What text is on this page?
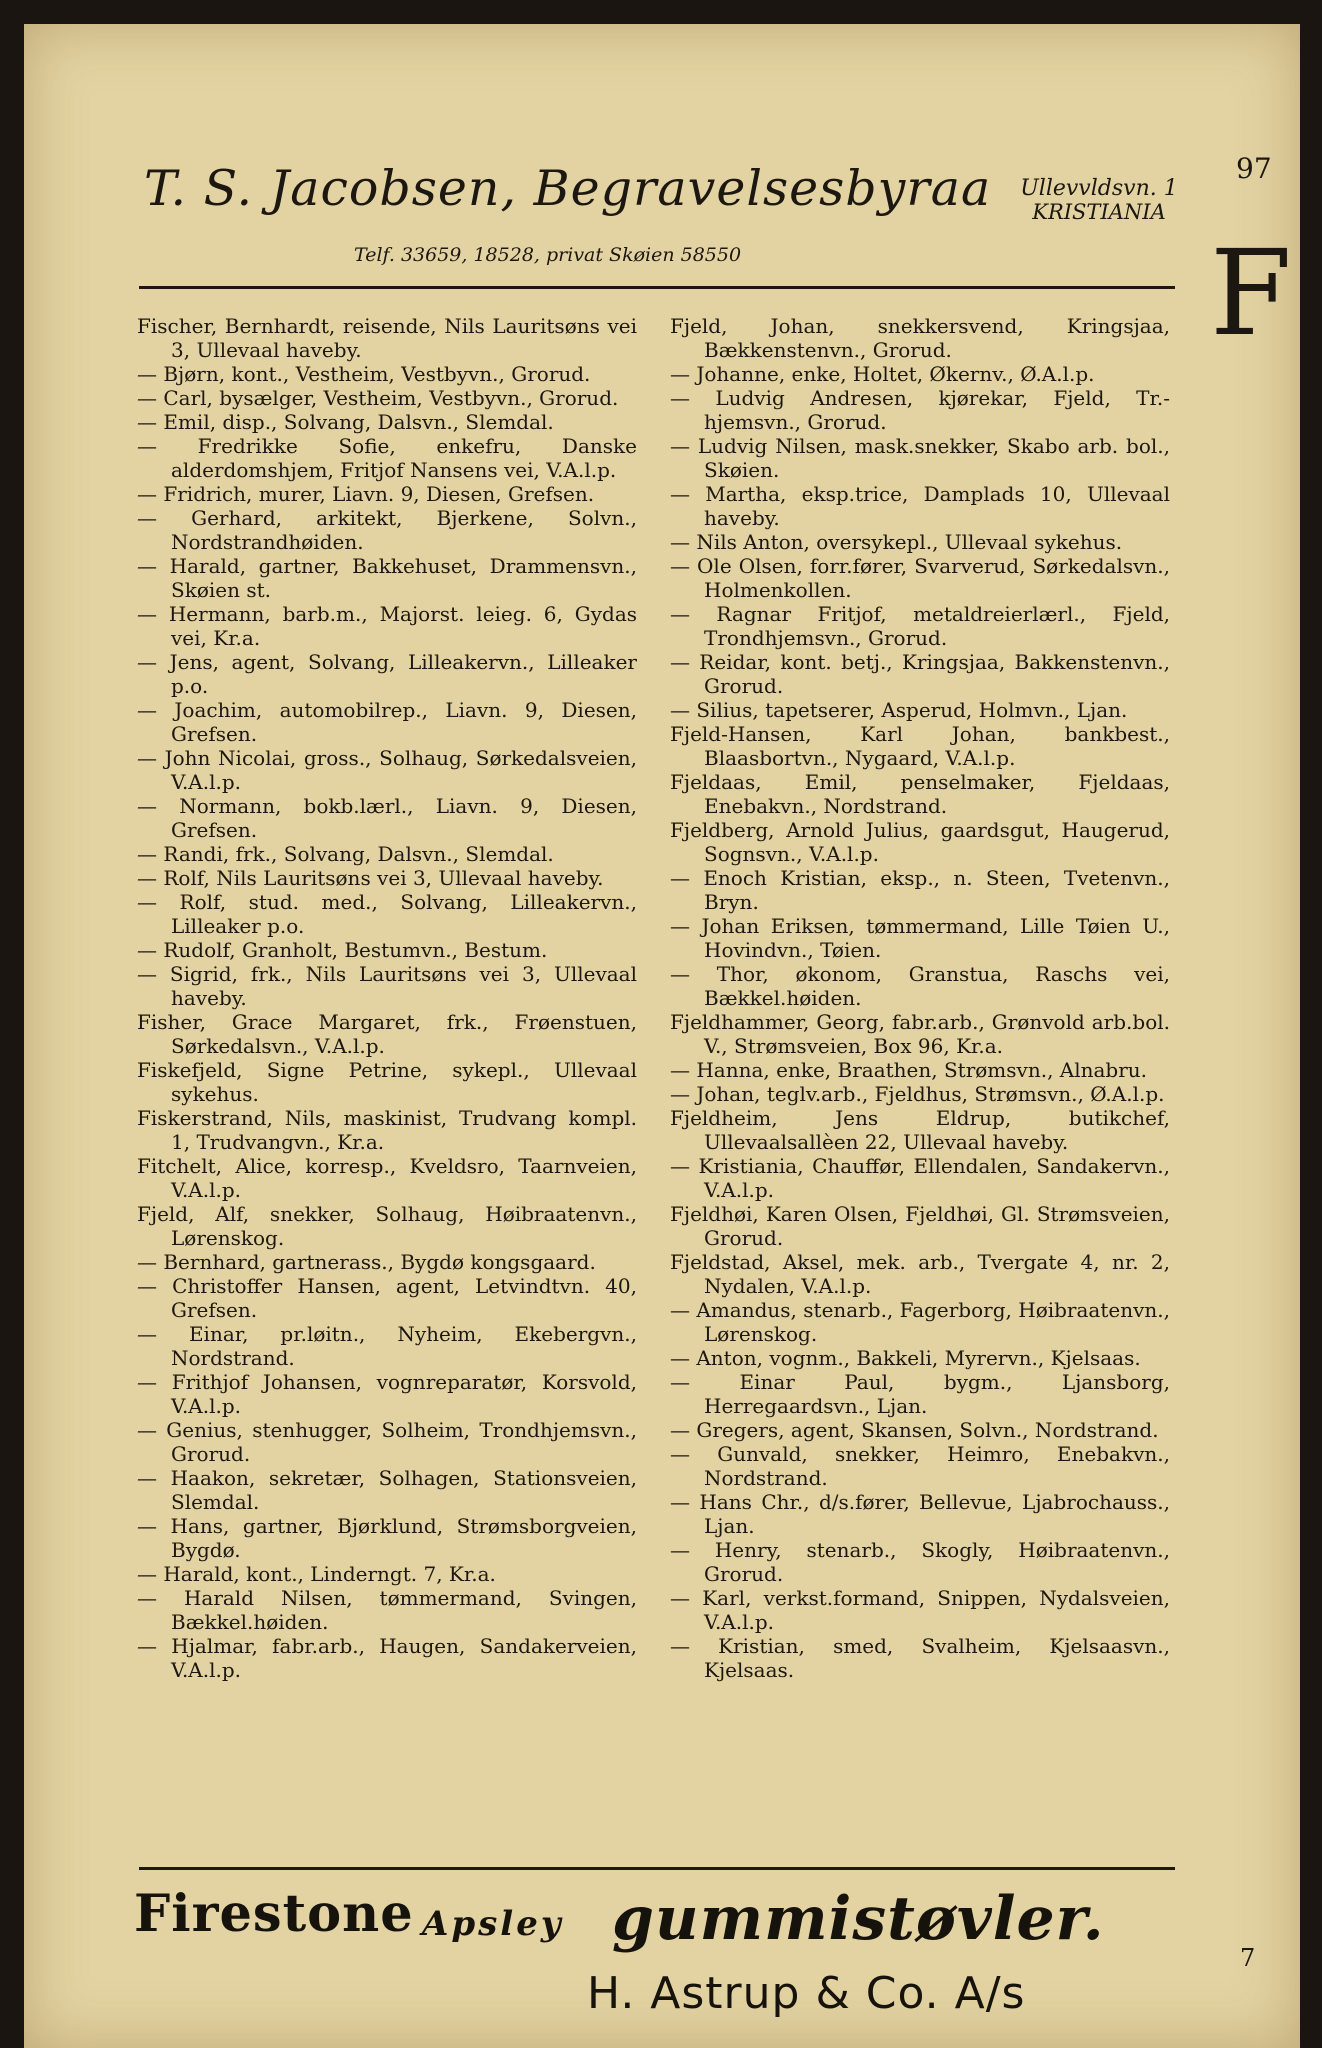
T. S. Jacobsen, Begravelsesbyraa Ullevvldsvn. 1
KRISTIANIA
Telf. 33659, 18528, privat Skøien 58550
97
F

Fischer, Bernhardt, reisende, Nils Lauritsøns vei 3, Ullevaal haveby.

— Bjørn, kont., Vestheim, Vestbyvn., Grorud.

— Carl, bysælger, Vestheim, Vestbyvn., Grorud.

— Emil, disp., Solvang, Dalsvn., Slemdal.

— Fredrikke Sofie, enkefru, Danske alderdomshjem, Fritjof Nansens vei, V.A.l.p.

— Fridrich, murer, Liavn. 9, Diesen, Grefsen.

— Gerhard, arkitekt, Bjerkene, Solvn., Nordstrandhøiden.

— Harald, gartner, Bakkehuset, Drammensvn., Skøien st.

— Hermann, barb.m., Majorst. leieg. 6, Gydas vei, Kr.a.

— Jens, agent, Solvang, Lilleakervn., Lilleaker p.o.

— Joachim, automobilrep., Liavn. 9, Diesen, Grefsen.

— John Nicolai, gross., Solhaug, Sørkedalsveien, V.A.l.p.

— Normann, bokb.lærl., Liavn. 9, Diesen, Grefsen.

— Randi, frk., Solvang, Dalsvn., Slemdal.

— Rolf, Nils Lauritsøns vei 3, Ullevaal haveby.

— Rolf, stud. med., Solvang, Lilleakervn., Lilleaker p.o.

— Rudolf, Granholt, Bestumvn., Bestum.

— Sigrid, frk., Nils Lauritsøns vei 3, Ullevaal haveby.

Fisher, Grace Margaret, frk., Frøenstuen, Sørkedalsvn., V.A.l.p.

Fiskefjeld, Signe Petrine, sykepl., Ullevaal sykehus.

Fiskerstrand, Nils, maskinist, Trudvang kompl. 1, Trudvangvn., Kr.a.

Fitchelt, Alice, korresp., Kveldsro, Taarnveien, V.A.l.p.

Fjeld, Alf, snekker, Solhaug, Høibraatenvn., Lørenskog.

— Bernhard, gartnerass., Bygdø kongsgaard.

— Christoffer Hansen, agent, Letvindtvn. 40, Grefsen.

— Einar, pr.løitn., Nyheim, Ekebergvn., Nordstrand.

— Frithjof Johansen, vognreparatør, Korsvold, V.A.l.p.

— Genius, stenhugger, Solheim, Trondhjemsvn., Grorud.

— Haakon, sekretær, Solhagen, Stationsveien, Slemdal.

— Hans, gartner, Bjørklund, Strømsborgveien, Bygdø.

— Harald, kont., Linderngt. 7, Kr.a.

— Harald Nilsen, tømmermand, Svingen, Bækkel.høiden.

— Hjalmar, fabr.arb., Haugen, Sandakerveien, V.A.l.p.

Fjeld, Johan, snekkersvend, Kringsjaa, Bækkenstenvn., Grorud.

— Johanne, enke, Holtet, Økernv., Ø.A.l.p.

— Ludvig Andresen, kjørekar, Fjeld, Tr.-hjemsvn., Grorud.

— Ludvig Nilsen, mask.snekker, Skabo arb. bol., Skøien.

— Martha, eksp.trice, Damplads 10, Ullevaal haveby.

— Nils Anton, oversykepl., Ullevaal sykehus.

— Ole Olsen, forr.fører, Svarverud, Sørkedalsvn., Holmenkollen.

— Ragnar Fritjof, metaldreierlærl., Fjeld, Trondhjemsvn., Grorud.

— Reidar, kont. betj., Kringsjaa, Bakkenstenvn., Grorud.

— Silius, tapetserer, Asperud, Holmvn., Ljan.

Fjeld-Hansen, Karl Johan, bankbest., Blaasbortvn., Nygaard, V.A.l.p.

Fjeldaas, Emil, penselmaker, Fjeldaas, Enebakvn., Nordstrand.

Fjeldberg, Arnold Julius, gaardsgut, Haugerud, Sognsvn., V.A.l.p.

— Enoch Kristian, eksp., n. Steen, Tvetenvn., Bryn.

— Johan Eriksen, tømmermand, Lille Tøien U., Hovindvn., Tøien.

— Thor, økonom, Granstua, Raschs vei, Bækkel.høiden.

Fjeldhammer, Georg, fabr.arb., Grønvold arb.bol. V., Strømsveien, Box 96, Kr.a.

— Hanna, enke, Braathen, Strømsvn., Alnabru.

— Johan, teglv.arb., Fjeldhus, Strømsvn., Ø.A.l.p.

Fjeldheim, Jens Eldrup, butikchef, Ullevaalsallèen 22, Ullevaal haveby.

— Kristiania, Chauffør, Ellendalen, Sandakervn., V.A.l.p.

Fjeldhøi, Karen Olsen, Fjeldhøi, Gl. Strømsveien, Grorud.

Fjeldstad, Aksel, mek. arb., Tvergate 4, nr. 2, Nydalen, V.A.l.p.

— Amandus, stenarb., Fagerborg, Høibraatenvn., Lørenskog.

— Anton, vognm., Bakkeli, Myrervn., Kjelsaas.

— Einar Paul, bygm., Ljansborg, Herregaardsvn., Ljan.

— Gregers, agent, Skansen, Solvn., Nordstrand.

— Gunvald, snekker, Heimro, Enebakvn., Nordstrand.

— Hans Chr., d/s.fører, Bellevue, Ljabrochauss., Ljan.

— Henry, stenarb., Skogly, Høibraatenvn., Grorud.

— Karl, verkst.formand, Snippen, Nydalsveien, V.A.l.p.

— Kristian, smed, Svalheim, Kjelsaasvn., Kjelsaas.

Firestone Apsley gummistøvler.
H. Astrup & Co. A/s
7
